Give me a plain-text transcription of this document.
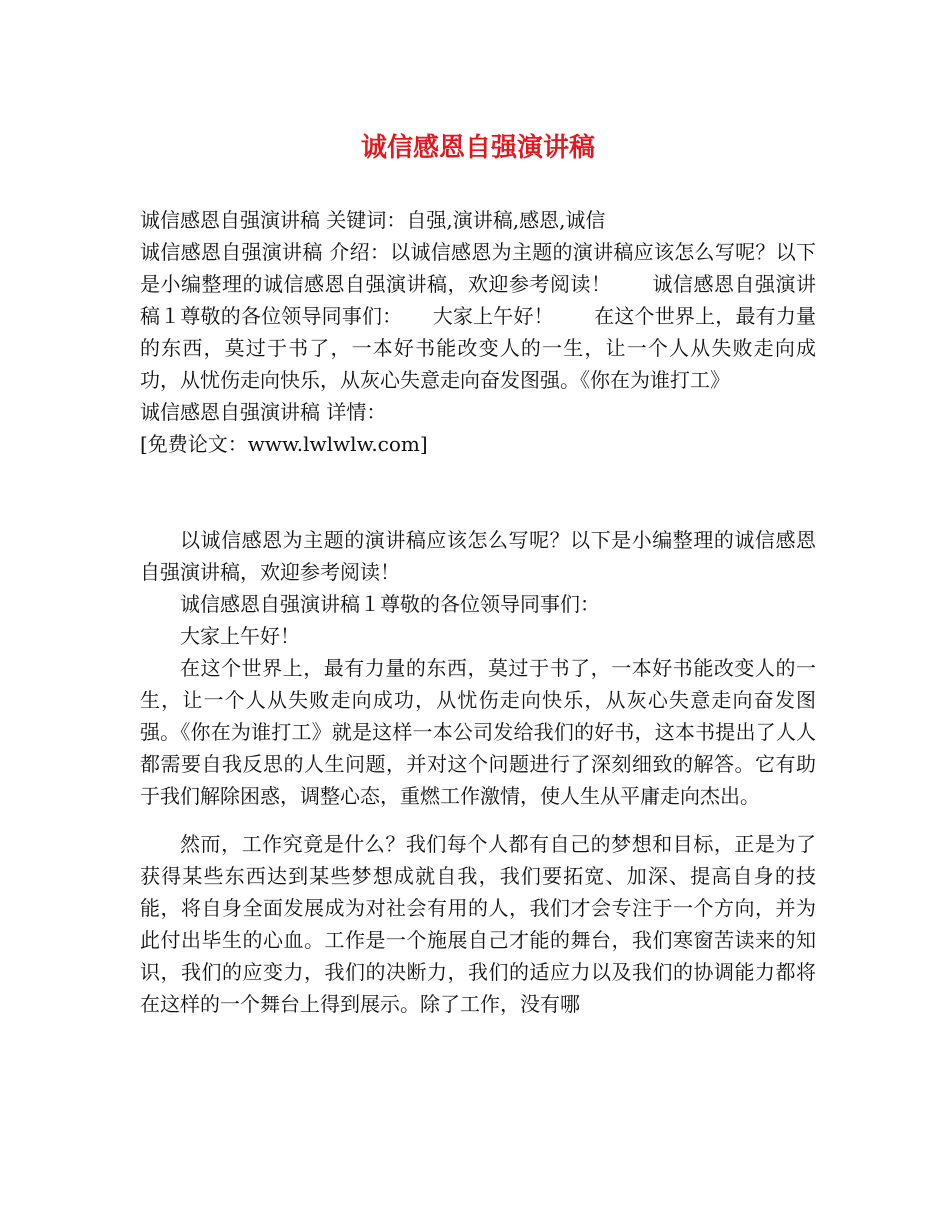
诚信感恩自强演讲稿
诚信感恩自强演讲稿 关键词：自强,演讲稿,感恩,诚信
诚信感恩自强演讲稿 介绍：以诚信感恩为主题的演讲稿应该怎么写呢？以下是小编整理的诚信感恩自强演讲稿，欢迎参考阅读！　　诚信感恩自强演讲稿１尊敬的各位领导同事们：　　大家上午好！　　在这个世界上，最有力量的东西，莫过于书了，一本好书能改变人的一生，让一个人从失败走向成功，从忧伤走向快乐，从灰心失意走向奋发图强。《你在为谁打工》
诚信感恩自强演讲稿 详情：
[免费论文：www.lwlwlw.com]

以诚信感恩为主题的演讲稿应该怎么写呢？以下是小编整理的诚信感恩自强演讲稿，欢迎参考阅读！

诚信感恩自强演讲稿１尊敬的各位领导同事们：

大家上午好！

在这个世界上，最有力量的东西，莫过于书了，一本好书能改变人的一生，让一个人从失败走向成功，从忧伤走向快乐，从灰心失意走向奋发图强。《你在为谁打工》就是这样一本公司发给我们的好书，这本书提出了人人都需要自我反思的人生问题，并对这个问题进行了深刻细致的解答。它有助于我们解除困惑，调整心态，重燃工作激情，使人生从平庸走向杰出。

然而，工作究竟是什么？我们每个人都有自己的梦想和目标，正是为了获得某些东西达到某些梦想成就自我，我们要拓宽、加深、提高自身的技能，将自身全面发展成为对社会有用的人，我们才会专注于一个方向，并为此付出毕生的心血。工作是一个施展自己才能的舞台，我们寒窗苦读来的知识，我们的应变力，我们的决断力，我们的适应力以及我们的协调能力都将在这样的一个舞台上得到展示。除了工作，没有哪
